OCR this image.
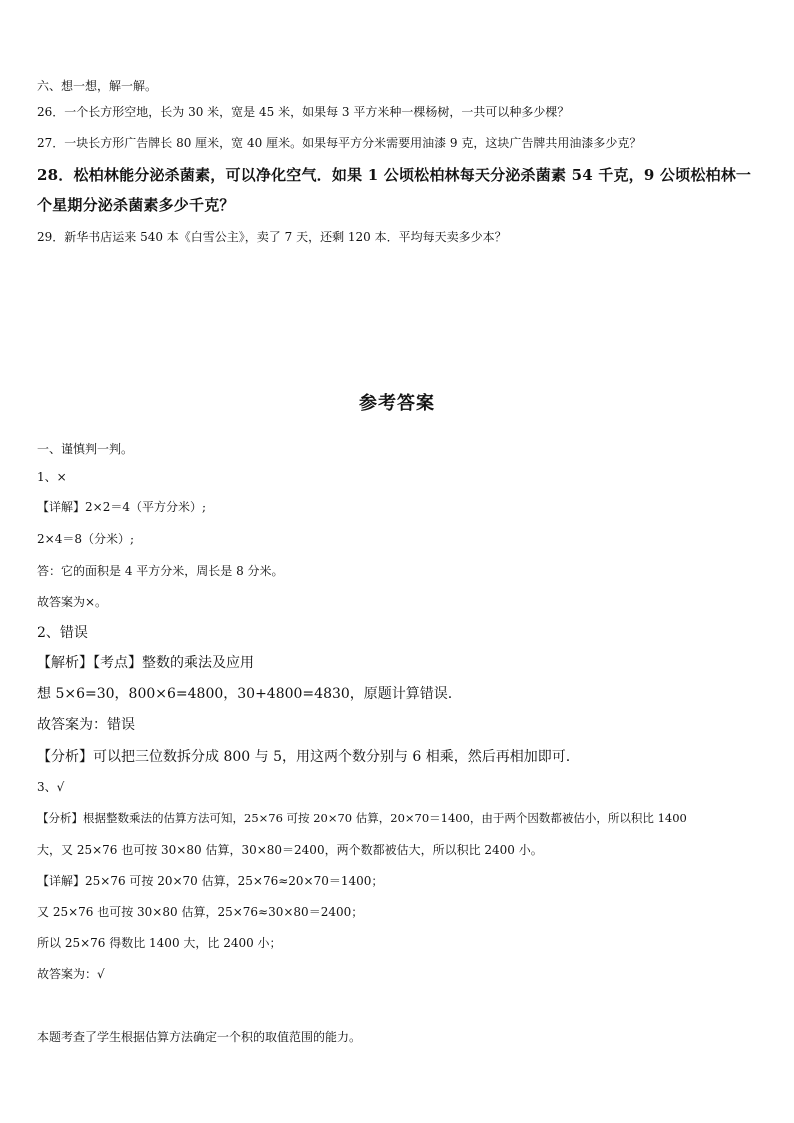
六、想一想，解一解。
26．一个长方形空地，长为 30 米，宽是 45 米，如果每 3 平方米种一棵杨树，一共可以种多少棵？
27．一块长方形广告牌长 80 厘米，宽 40 厘米。如果每平方分米需要用油漆 9 克，这块广告牌共用油漆多少克？
28．松柏林能分泌杀菌素，可以净化空气．如果 1 公顷松柏林每天分泌杀菌素 54 千克，9 公顷松柏林一个星期分泌杀菌素多少千克？
29．新华书店运来 540 本《白雪公主》，卖了 7 天，还剩 120 本．平均每天卖多少本？
参考答案
一、谨慎判一判。
1、×
【详解】2×2＝4（平方分米）;
2×4＝8（分米）;
答：它的面积是 4 平方分米，周长是 8 分米。
故答案为×。
2、错误
【解析】【考点】整数的乘法及应用
想 5×6=30，800×6=4800，30+4800=4830，原题计算错误.
故答案为：错误
【分析】可以把三位数拆分成 800 与 5，用这两个数分别与 6 相乘，然后再相加即可.
3、√
【分析】根据整数乘法的估算方法可知，25×76 可按 20×70 估算，20×70＝1400，由于两个因数都被估小，所以积比 1400
大，又 25×76 也可按 30×80 估算，30×80＝2400，两个数都被估大，所以积比 2400 小。
【详解】25×76 可按 20×70 估算，25×76≈20×70＝1400；
又 25×76 也可按 30×80 估算，25×76≈30×80＝2400；
所以 25×76 得数比 1400 大，比 2400 小；
故答案为：√
本题考查了学生根据估算方法确定一个积的取值范围的能力。
